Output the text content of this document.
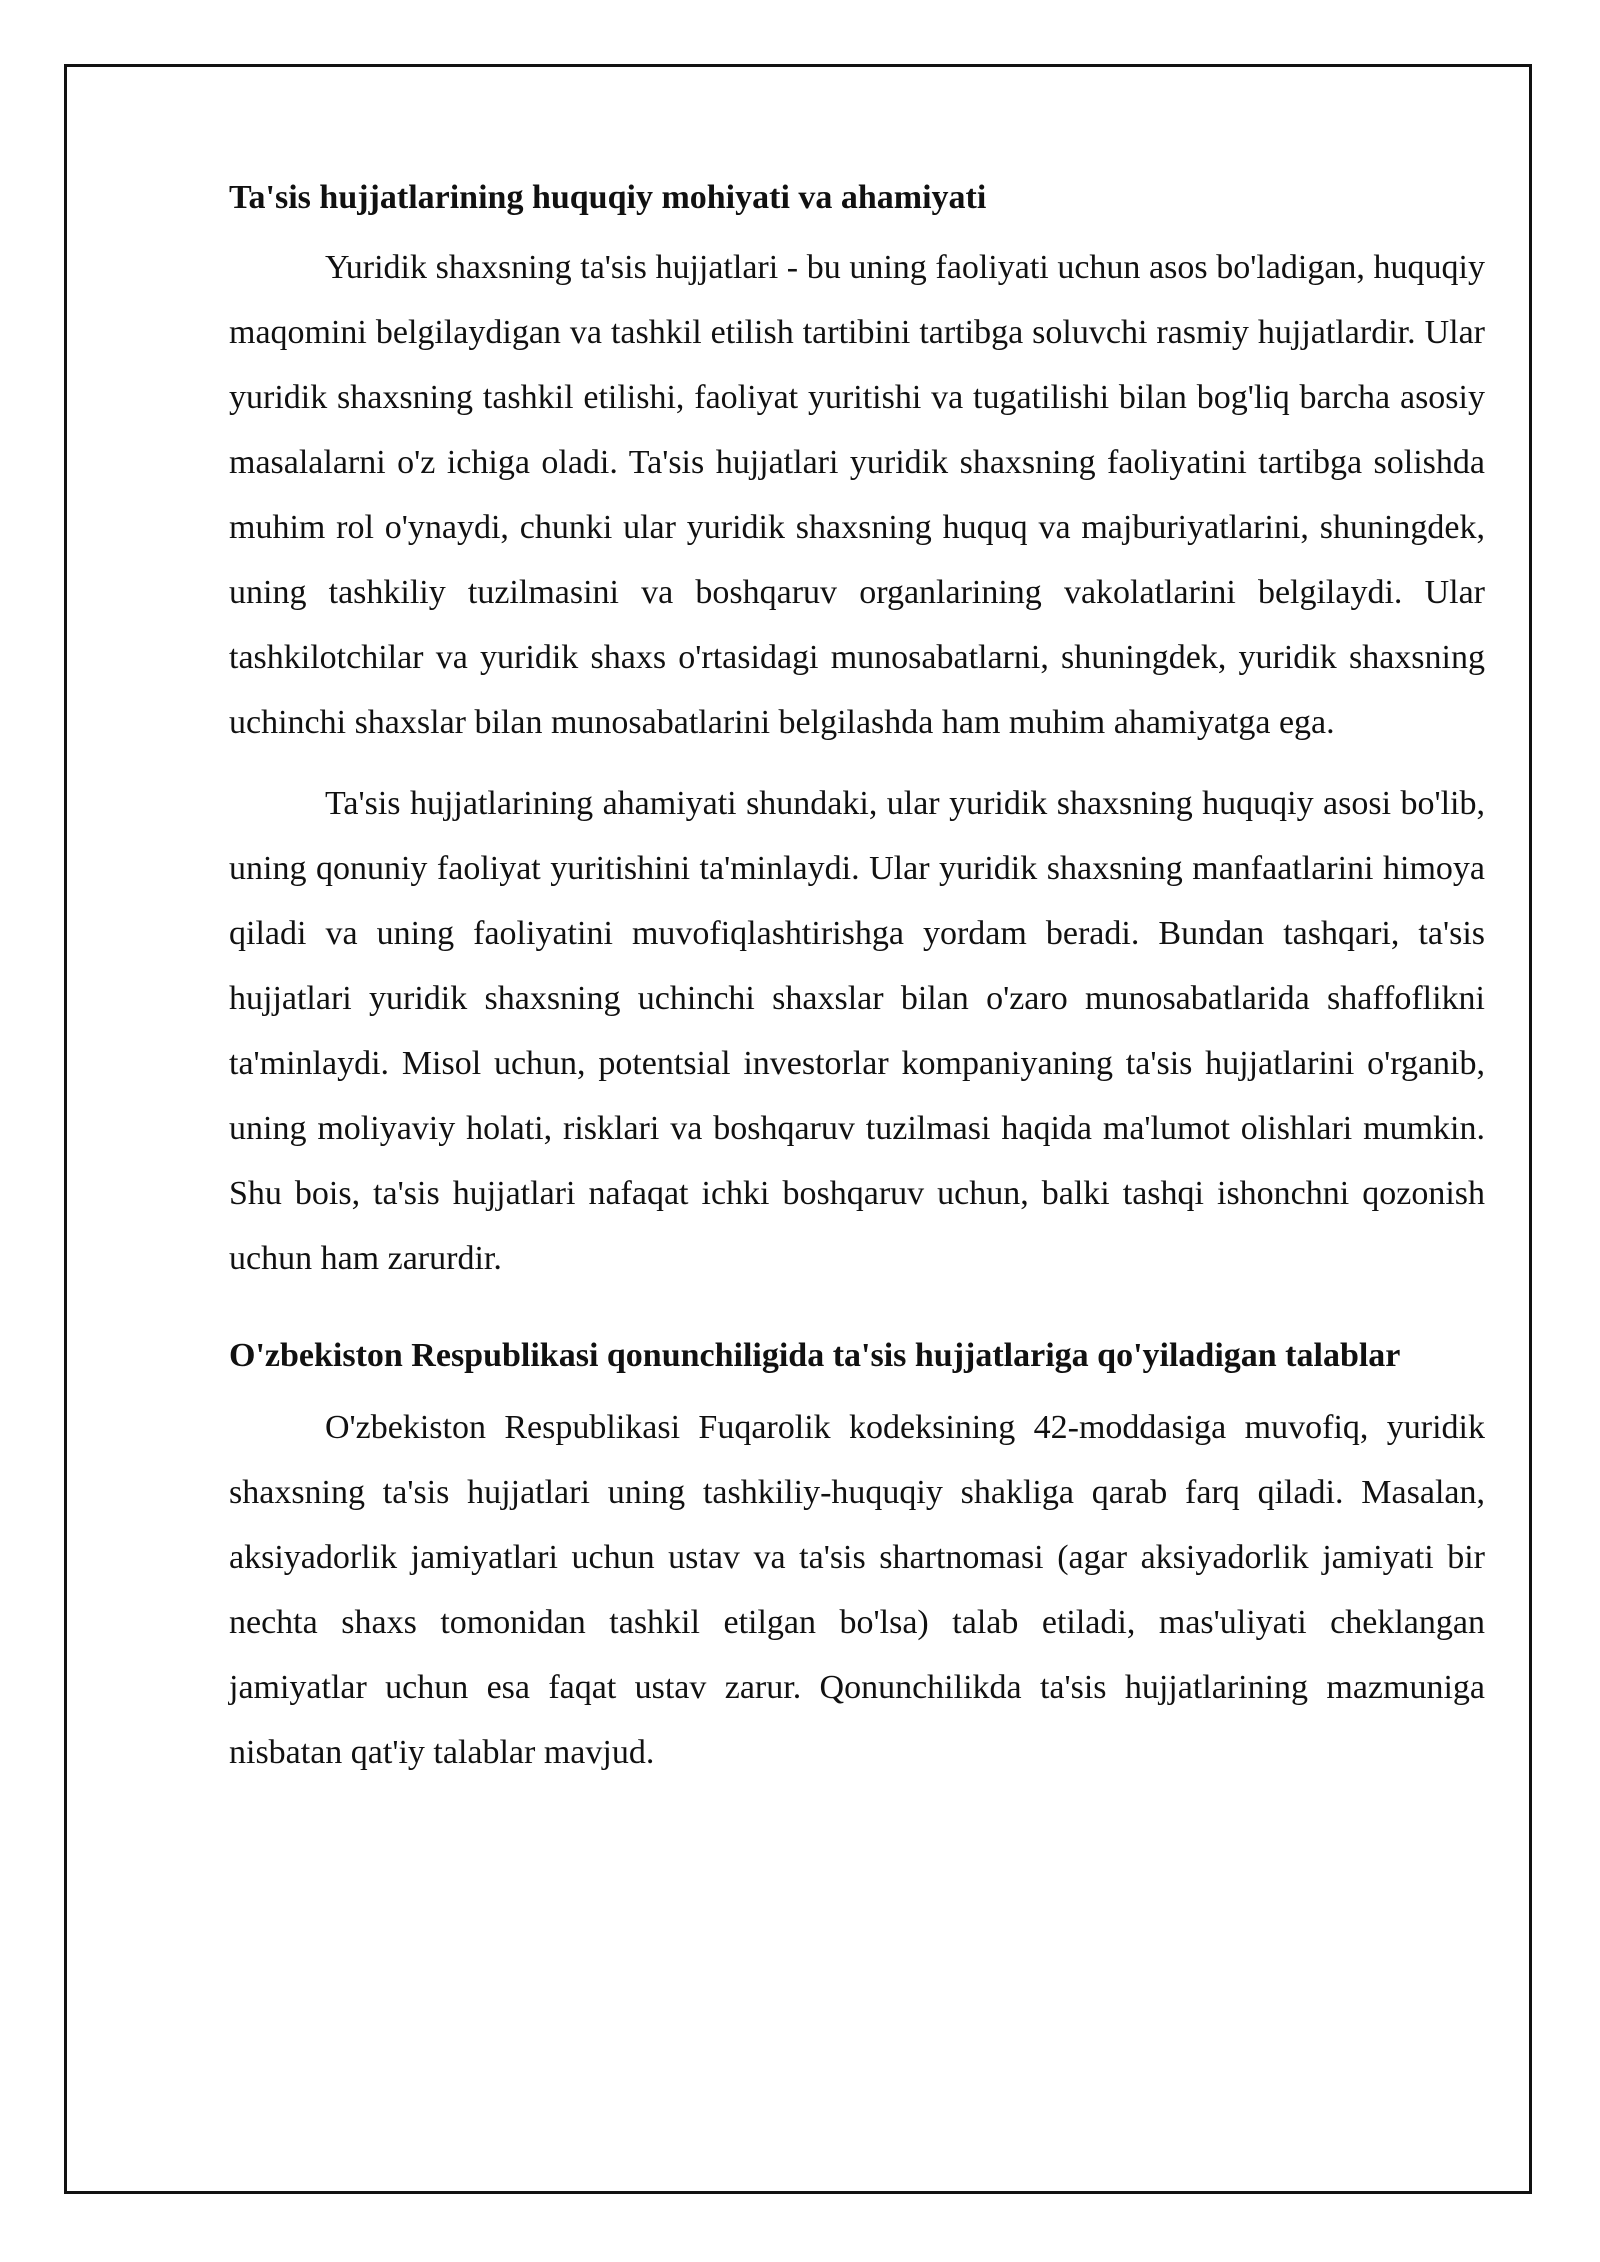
Ta'sis hujjatlarining huquqiy mohiyati va ahamiyati

Yuridik shaxsning ta'sis hujjatlari - bu uning faoliyati uchun asos bo'ladigan, huquqiy maqomini belgilaydigan va tashkil etilish tartibini tartibga soluvchi rasmiy hujjatlardir. Ular yuridik shaxsning tashkil etilishi, faoliyat yuritishi va tugatilishi bilan bog'liq barcha asosiy masalalarni o'z ichiga oladi. Ta'sis hujjatlari yuridik shaxsning faoliyatini tartibga solishda muhim rol o'ynaydi, chunki ular yuridik shaxsning huquq va majburiyatlarini, shuningdek, uning tashkiliy tuzilmasini va boshqaruv organlarining vakolatlarini belgilaydi. Ular tashkilotchilar va yuridik shaxs o'rtasidagi munosabatlarni, shuningdek, yuridik shaxsning uchinchi shaxslar bilan munosabatlarini belgilashda ham muhim ahamiyatga ega.

Ta'sis hujjatlarining ahamiyati shundaki, ular yuridik shaxsning huquqiy asosi bo'lib, uning qonuniy faoliyat yuritishini ta'minlaydi. Ular yuridik shaxsning manfaatlarini himoya qiladi va uning faoliyatini muvofiqlashtirishga yordam beradi. Bundan tashqari, ta'sis hujjatlari yuridik shaxsning uchinchi shaxslar bilan o'zaro munosabatlarida shaffoflikni ta'minlaydi. Misol uchun, potentsial investorlar kompaniyaning ta'sis hujjatlarini o'rganib, uning moliyaviy holati, risklari va boshqaruv tuzilmasi haqida ma'lumot olishlari mumkin. Shu bois, ta'sis hujjatlari nafaqat ichki boshqaruv uchun, balki tashqi ishonchni qozonish uchun ham zarurdir.

O'zbekiston Respublikasi qonunchiligida ta'sis hujjatlariga qo'yiladigan talablar

O'zbekiston Respublikasi Fuqarolik kodeksining 42-moddasiga muvofiq, yuridik shaxsning ta'sis hujjatlari uning tashkiliy-huquqiy shakliga qarab farq qiladi. Masalan, aksiyadorlik jamiyatlari uchun ustav va ta'sis shartnomasi (agar aksiyadorlik jamiyati bir nechta shaxs tomonidan tashkil etilgan bo'lsa) talab etiladi, mas'uliyati cheklangan jamiyatlar uchun esa faqat ustav zarur. Qonunchilikda ta'sis hujjatlarining mazmuniga nisbatan qat'iy talablar mavjud.
